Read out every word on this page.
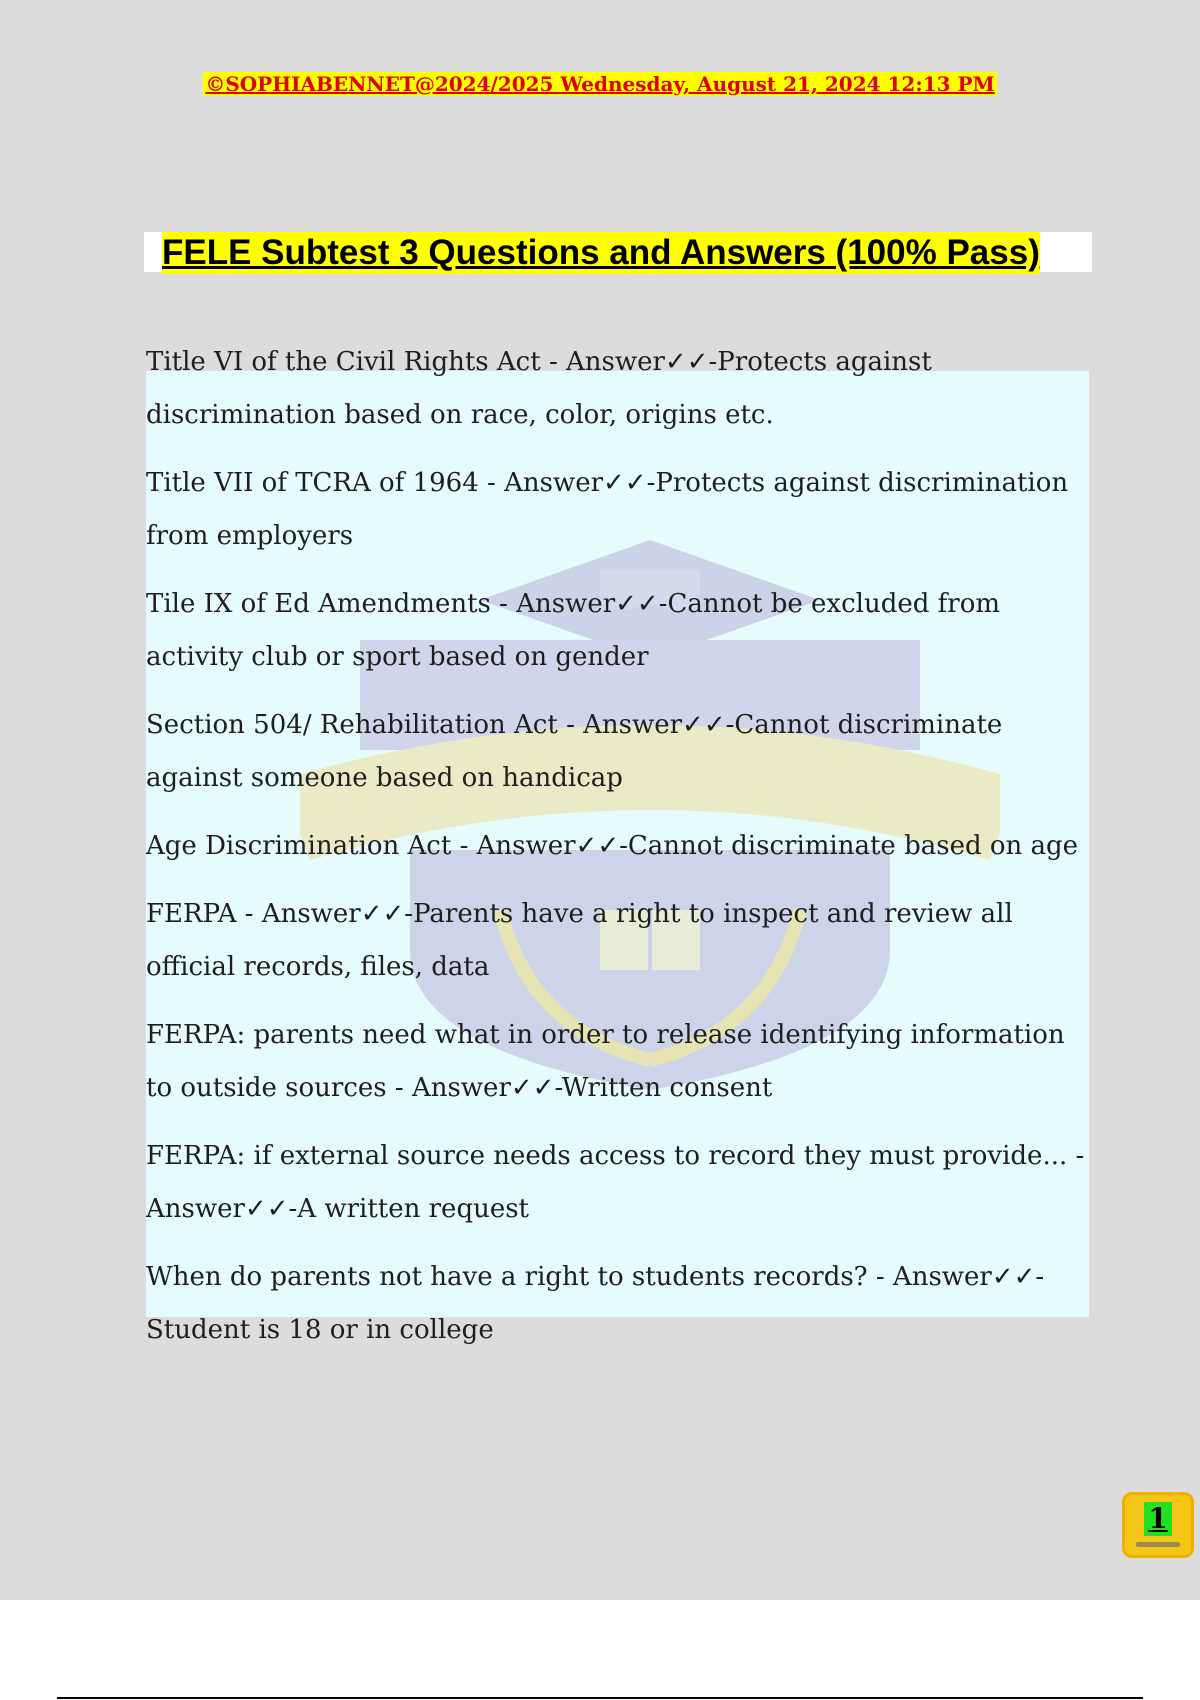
©SOPHIABENNET@2024/2025 Wednesday, August 21, 2024 12:13 PM
FELE Subtest 3 Questions and Answers (100% Pass)
Title VI of the Civil Rights Act - Answer✓✓-Protects against discrimination based on race, color, origins etc.
Title VII of TCRA of 1964 - Answer✓✓-Protects against discrimination from employers
Tile IX of Ed Amendments - Answer✓✓-Cannot be excluded from activity club or sport based on gender
Section 504/ Rehabilitation Act - Answer✓✓-Cannot discriminate against someone based on handicap
Age Discrimination Act - Answer✓✓-Cannot discriminate based on age
FERPA - Answer✓✓-Parents have a right to inspect and review all official records, files, data
FERPA: parents need what in order to release identifying information to outside sources - Answer✓✓-Written consent
FERPA: if external source needs access to record they must provide... - Answer✓✓-A written request
When do parents not have a right to students records? - Answer✓✓-Student is 18 or in college
1
